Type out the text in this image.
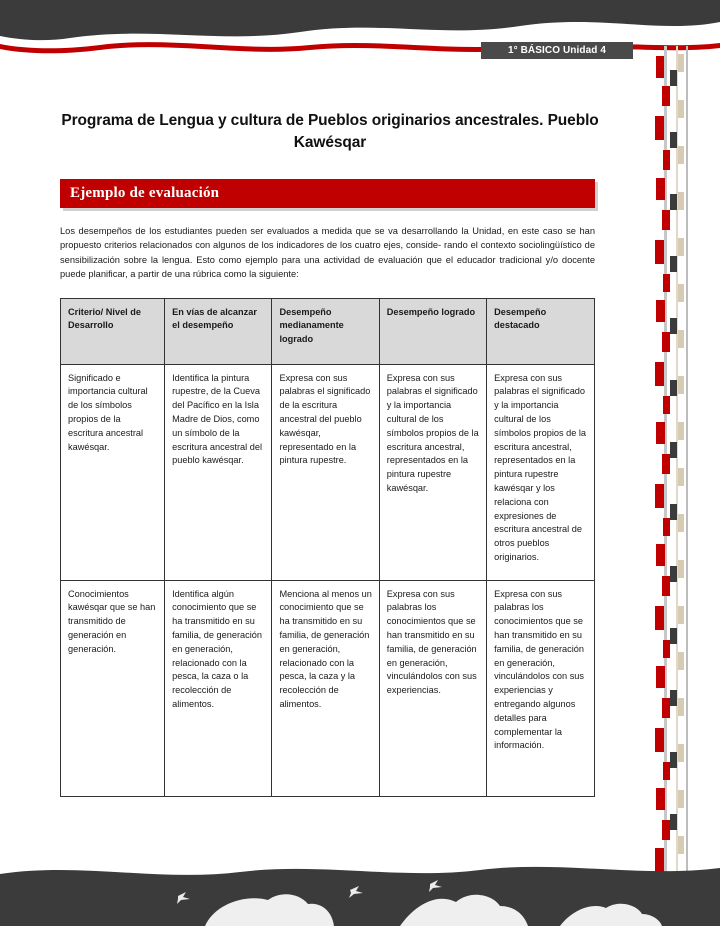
1° BÁSICO Unidad 4
Programa de Lengua y cultura de Pueblos originarios ancestrales. Pueblo Kawésqar
Ejemplo de evaluación

Los desempeños de los estudiantes pueden ser evaluados a medida que se va desarrollando la Unidad, en este caso se han propuesto criterios relacionados con algunos de los indicadores de los cuatro ejes, conside- rando el contexto sociolingüístico de sensibilización sobre la lengua. Esto como ejemplo para una actividad de evaluación que el educador tradicional y/o docente puede planificar, a partir de una rúbrica como la siguiente:

Criterio/ Nivel de Desarrollo	En vías de alcanzar el desempeño	Desempeño medianamente logrado	Desempeño logrado	Desempeño destacado
Significado e importancia cultural de los símbolos propios de la escritura ancestral kawésqar.	Identifica la pintura rupestre, de la Cueva del Pacífico en la Isla Madre de Dios, como un símbolo de la escritura ancestral del pueblo kawésqar.	Expresa con sus palabras el significado de la escritura ancestral del pueblo kawésqar, representado en la pintura rupestre.	Expresa con sus palabras el significado y la importancia cultural de los símbolos propios de la escritura ancestral, representados en la pintura rupestre kawésqar.	Expresa con sus palabras el significado y la importancia cultural de los símbolos propios de la escritura ancestral, representados en la pintura rupestre kawésqar y los relaciona con expresiones de escritura ancestral de otros pueblos originarios.
Conocimientos kawésqar que se han transmitido de generación en generación.	Identifica algún conocimiento que se ha transmitido en su familia, de generación en generación, relacionado con la pesca, la caza o la recolección de alimentos.	Menciona al menos un conocimiento que se ha transmitido en su familia, de generación en generación, relacionado con la pesca, la caza y la recolección de alimentos.	Expresa con sus palabras los conocimientos que se han transmitido en su familia, de generación en generación, vinculándolos con sus experiencias.	Expresa con sus palabras los conocimientos que se han transmitido en su familia, de generación en generación, vinculándolos con sus experiencias y entregando algunos detalles para complementar la información.
